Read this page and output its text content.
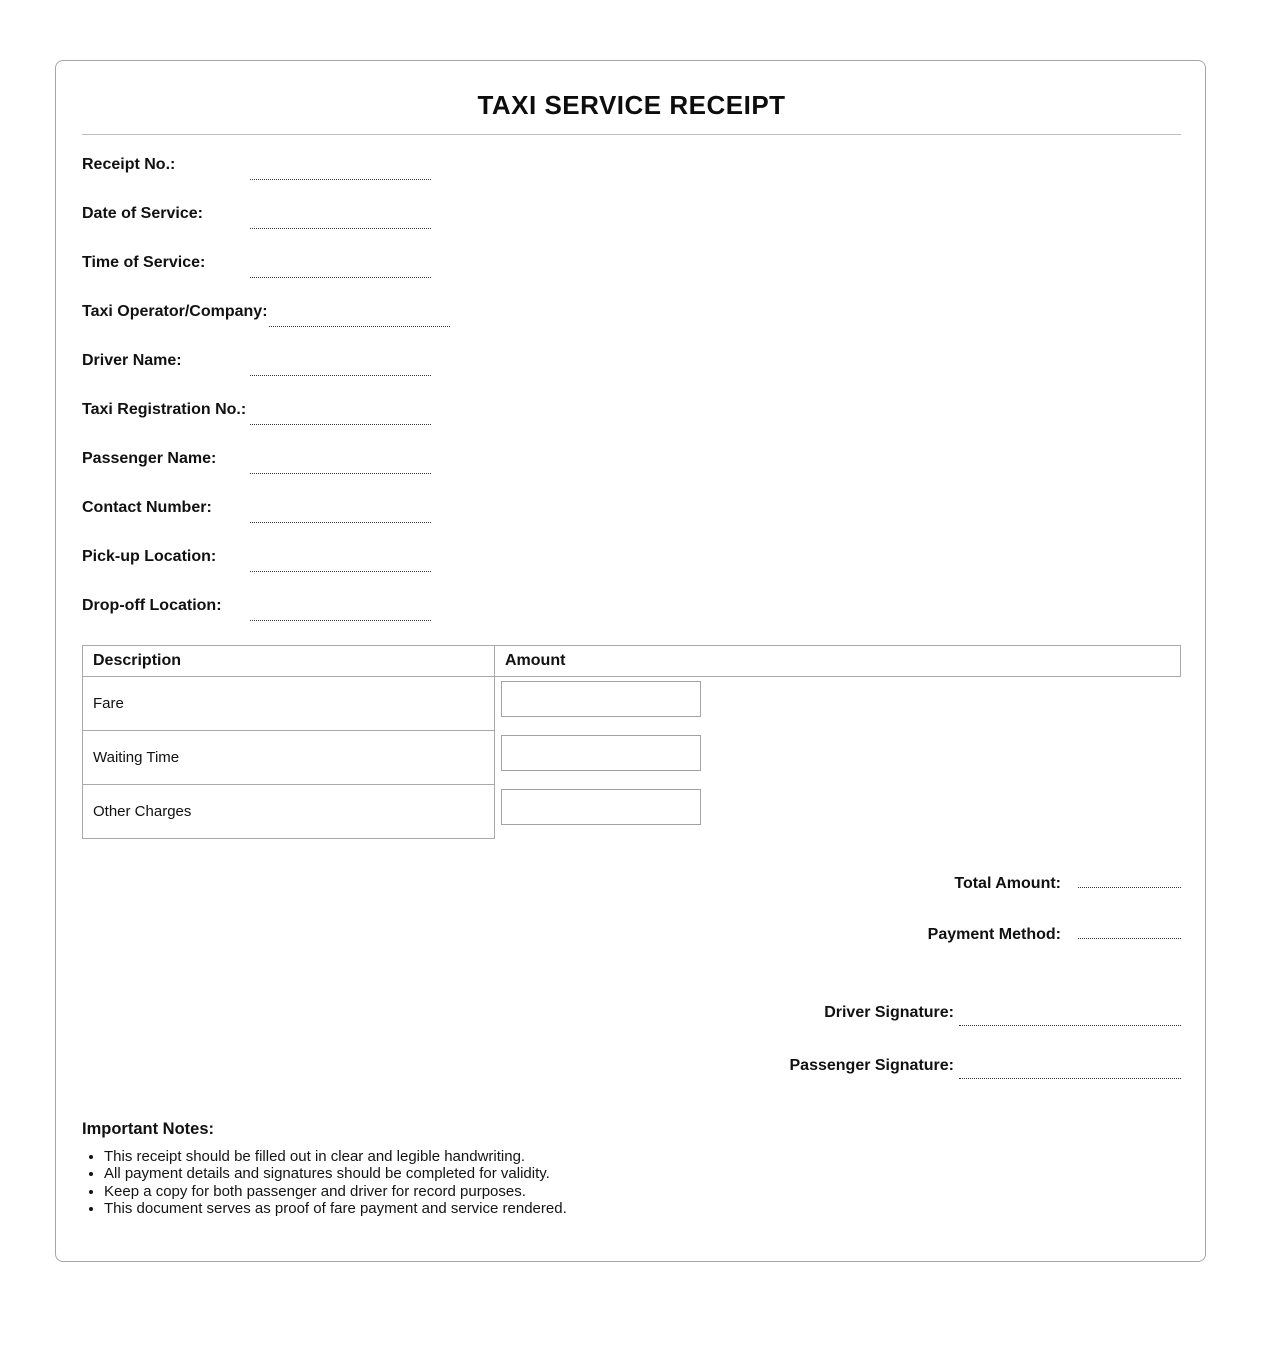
TAXI SERVICE RECEIPT
Receipt No.:
Date of Service:
Time of Service:
Taxi Operator/Company:
Driver Name:
Taxi Registration No.:
Passenger Name:
Contact Number:
Pick-up Location:
Drop-off Location:
Description	Amount
Fare	
Waiting Time	
Other Charges	
Total Amount:
Payment Method:
Driver Signature:
Passenger Signature:
Important Notes:
• This receipt should be filled out in clear and legible handwriting.
• All payment details and signatures should be completed for validity.
• Keep a copy for both passenger and driver for record purposes.
• This document serves as proof of fare payment and service rendered.
